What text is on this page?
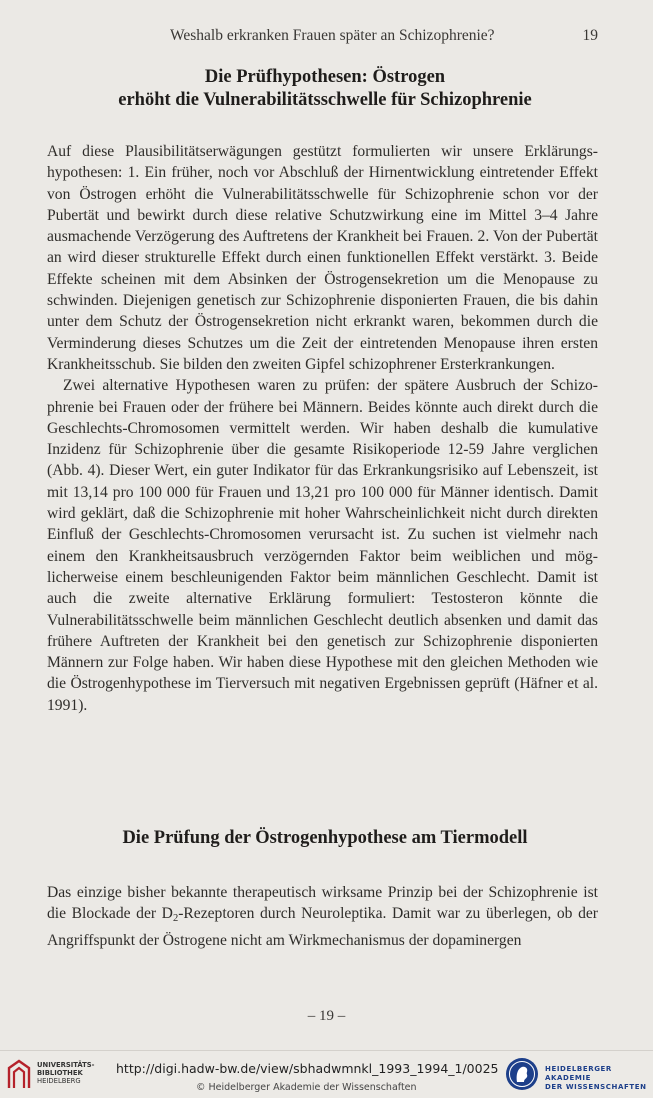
Weshalb erkranken Frauen später an Schizophrenie?	19
Die Prüfhypothesen: Östrogen
erhöht die Vulnerabilitätsschwelle für Schizophrenie

Auf diese Plausibilitätserwägungen gestützt formulierten wir unsere Erklärungshypothesen: 1. Ein früher, noch vor Abschluß der Hirnentwicklung eintretender Effekt von Östrogen erhöht die Vulnerabilitätsschwelle für Schizophrenie schon vor der Pubertät und bewirkt durch diese relative Schutzwirkung eine im Mittel 3–4 Jahre ausmachende Verzögerung des Auftretens der Krankheit bei Frauen. 2. Von der Pubertät an wird dieser strukturelle Effekt durch einen funktionellen Effekt verstärkt. 3. Beide Effekte scheinen mit dem Absinken der Östrogensekretion um die Menopause zu schwinden. Diejenigen genetisch zur Schizophrenie disponierten Frauen, die bis dahin unter dem Schutz der Östrogensekretion nicht erkrankt waren, bekommen durch die Verminderung dieses Schutzes um die Zeit der eintretenden Menopause ihren ersten Krankheitsschub. Sie bilden den zweiten Gipfel schizophrener Ersterkrankungen.

Zwei alternative Hypothesen waren zu prüfen: der spätere Ausbruch der Schizophrenie bei Frauen oder der frühere bei Männern. Beides könnte auch direkt durch die Geschlechts-Chromosomen vermittelt werden. Wir haben deshalb die kumulative Inzidenz für Schizophrenie über die gesamte Risikoperiode 12-59 Jahre verglichen (Abb. 4). Dieser Wert, ein guter Indikator für das Erkrankungsrisiko auf Lebenszeit, ist mit 13,14 pro 100 000 für Frauen und 13,21 pro 100 000 für Männer identisch. Damit wird geklärt, daß die Schizophrenie mit hoher Wahrscheinlichkeit nicht durch direkten Einfluß der Geschlechts-Chromosomen verursacht ist. Zu suchen ist vielmehr nach einem den Krankheitsausbruch verzögernden Faktor beim weiblichen und möglicherweise einem beschleunigenden Faktor beim männlichen Geschlecht. Damit ist auch die zweite alternative Erklärung formuliert: Testosteron könnte die Vulnerabilitätsschwelle beim männlichen Geschlecht deutlich absenken und damit das frühere Auftreten der Krankheit bei den genetisch zur Schizophrenie disponierten Männern zur Folge haben. Wir haben diese Hypothese mit den gleichen Methoden wie die Östrogenhypothese im Tierversuch mit negativen Ergebnissen geprüft (Häfner et al. 1991).

Die Prüfung der Östrogenhypothese am Tiermodell

Das einzige bisher bekannte therapeutisch wirksame Prinzip bei der Schizophrenie ist die Blockade der $D_2$-Rezeptoren durch Neuroleptika. Damit war zu überlegen, ob der Angriffspunkt der Östrogene nicht am Wirkmechanismus der dopaminergen

– 19 –
UNIVERSITÄTS-
BIBLIOTHEK
HEIDELBERG
http://digi.hadw-bw.de/view/sbhadwmnkl_1993_1994_1/0025
© Heidelberger Akademie der Wissenschaften
HEIDELBERGER AKADEMIE
DER WISSENSCHAFTEN
